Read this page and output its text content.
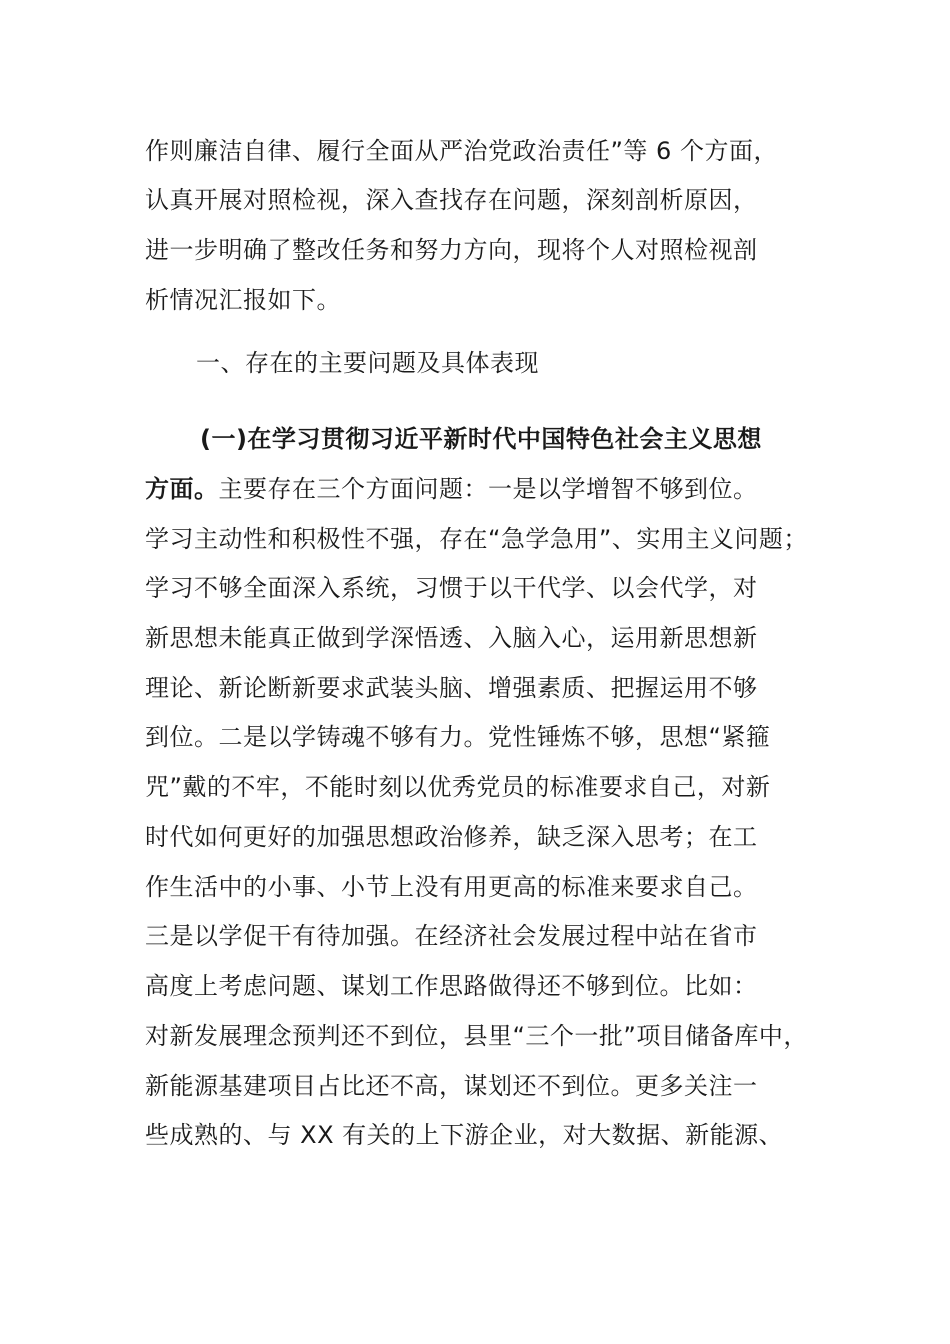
作则廉洁自律、履行全面从严治党政治责任”等 6 个方面，
认真开展对照检视，深入查找存在问题，深刻剖析原因，
进一步明确了整改任务和努力方向，现将个人对照检视剖
析情况汇报如下。
一、存在的主要问题及具体表现
(一)在学习贯彻习近平新时代中国特色社会主义思想
方面。主要存在三个方面问题：一是以学增智不够到位。
学习主动性和积极性不强，存在“急学急用”、实用主义问题；
学习不够全面深入系统，习惯于以干代学、以会代学，对
新思想未能真正做到学深悟透、入脑入心，运用新思想新
理论、新论断新要求武装头脑、增强素质、把握运用不够
到位。二是以学铸魂不够有力。党性锤炼不够，思想“紧箍
咒”戴的不牢，不能时刻以优秀党员的标准要求自己，对新
时代如何更好的加强思想政治修养，缺乏深入思考；在工
作生活中的小事、小节上没有用更高的标准来要求自己。
三是以学促干有待加强。在经济社会发展过程中站在省市
高度上考虑问题、谋划工作思路做得还不够到位。比如：
对新发展理念预判还不到位，县里“三个一批”项目储备库中，
新能源基建项目占比还不高，谋划还不到位。更多关注一
些成熟的、与 XX 有关的上下游企业，对大数据、新能源、
